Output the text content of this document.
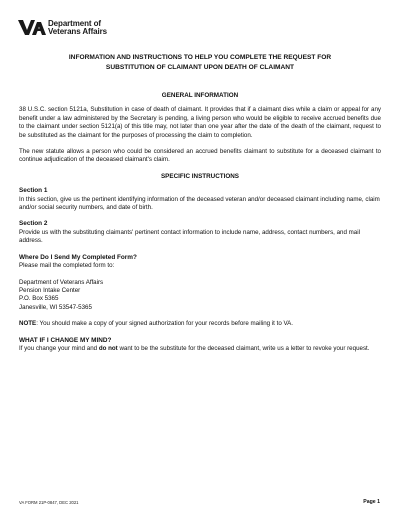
Department of
Veterans Affairs
INFORMATION AND INSTRUCTIONS TO HELP YOU COMPLETE THE REQUEST FOR
SUBSTITUTION OF CLAIMANT UPON DEATH OF CLAIMANT
GENERAL INFORMATION

38 U.S.C. section 5121a, Substitution in case of death of claimant. It provides that if a claimant dies while a claim or appeal for any benefit under a law administered by the Secretary is pending, a living person who would be eligible to receive accrued benefits due to the claimant under section 5121(a) of this title may, not later than one year after the date of the death of the claimant, request to be substituted as the claimant for the purposes of processing the claim to completion.

The new statute allows a person who could be considered an accrued benefits claimant to substitute for a deceased claimant to continue adjudication of the deceased claimant's claim.

SPECIFIC INSTRUCTIONS
Section 1
In this section, give us the pertinent identifying information of the deceased veteran and/or deceased claimant including name, claim and/or social security numbers, and date of birth.
Section 2
Provide us with the substituting claimants' pertinent contact information to include name, address, contact numbers, and mail address.
Where Do I Send My Completed Form?
Please mail the completed form to:
Department of Veterans Affairs
Pension Intake Center
P.O. Box 5365
Janesville, WI 53547-5365

NOTE: You should make a copy of your signed authorization for your records before mailing it to VA.

WHAT IF I CHANGE MY MIND?
If you change your mind and do not want to be the substitute for the deceased claimant, write us a letter to revoke your request.
VA FORM 21P-0847, DEC 2021	Page 1
